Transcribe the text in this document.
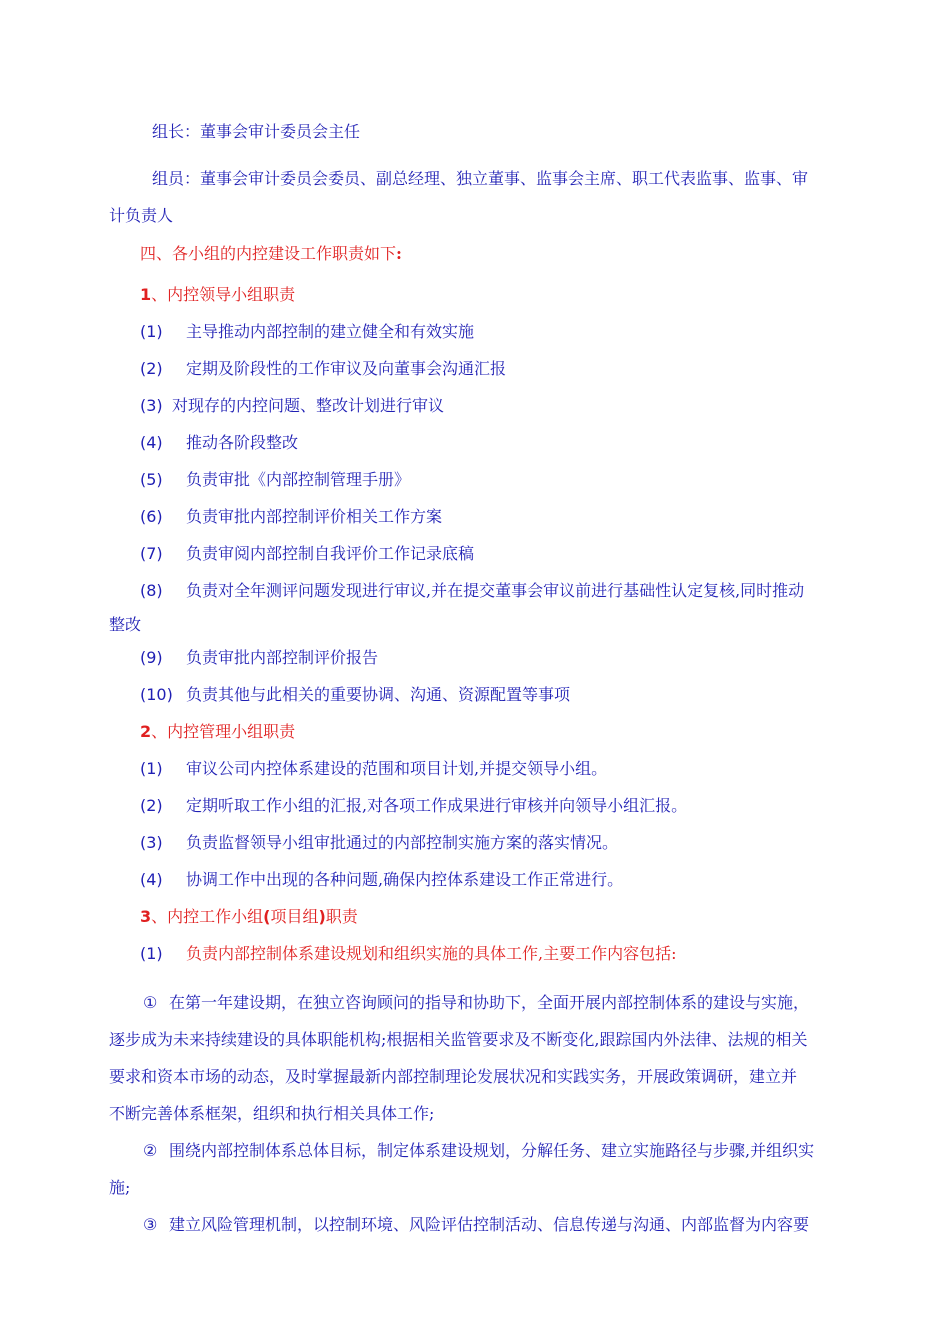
组长：董事会审计委员会主任
组员：董事会审计委员会委员、副总经理、独立董事、监事会主席、职工代表监事、监事、审
计负责人
四、各小组的内控建设工作职责如下:
1、内控领导小组职责
(1) 主导推动内部控制的建立健全和有效实施
(2) 定期及阶段性的工作审议及向董事会沟通汇报
(3) 对现存的内控问题、整改计划进行审议
(4) 推动各阶段整改
(5) 负责审批《内部控制管理手册》
(6) 负责审批内部控制评价相关工作方案
(7) 负责审阅内部控制自我评价工作记录底稿
(8) 负责对全年测评问题发现进行审议,并在提交董事会审议前进行基础性认定复核,同时推动
整改
(9) 负责审批内部控制评价报告
(10) 负责其他与此相关的重要协调、沟通、资源配置等事项
2、内控管理小组职责
(1) 审议公司内控体系建设的范围和项目计划,并提交领导小组。
(2) 定期听取工作小组的汇报,对各项工作成果进行审核并向领导小组汇报。
(3) 负责监督领导小组审批通过的内部控制实施方案的落实情况。
(4) 协调工作中出现的各种问题,确保内控体系建设工作正常进行。
3、内控工作小组(项目组)职责
(1) 负责内部控制体系建设规划和组织实施的具体工作,主要工作内容包括:
① 在第一年建设期，在独立咨询顾问的指导和协助下，全面开展内部控制体系的建设与实施，
逐步成为未来持续建设的具体职能机构;根据相关监管要求及不断变化,跟踪国内外法律、法规的相关
要求和资本市场的动态，及时掌握最新内部控制理论发展状况和实践实务，开展政策调研，建立并
不断完善体系框架，组织和执行相关具体工作;
② 围绕内部控制体系总体目标，制定体系建设规划，分解任务、建立实施路径与步骤,并组织实
施;
③ 建立风险管理机制，以控制环境、风险评估控制活动、信息传递与沟通、内部监督为内容要
